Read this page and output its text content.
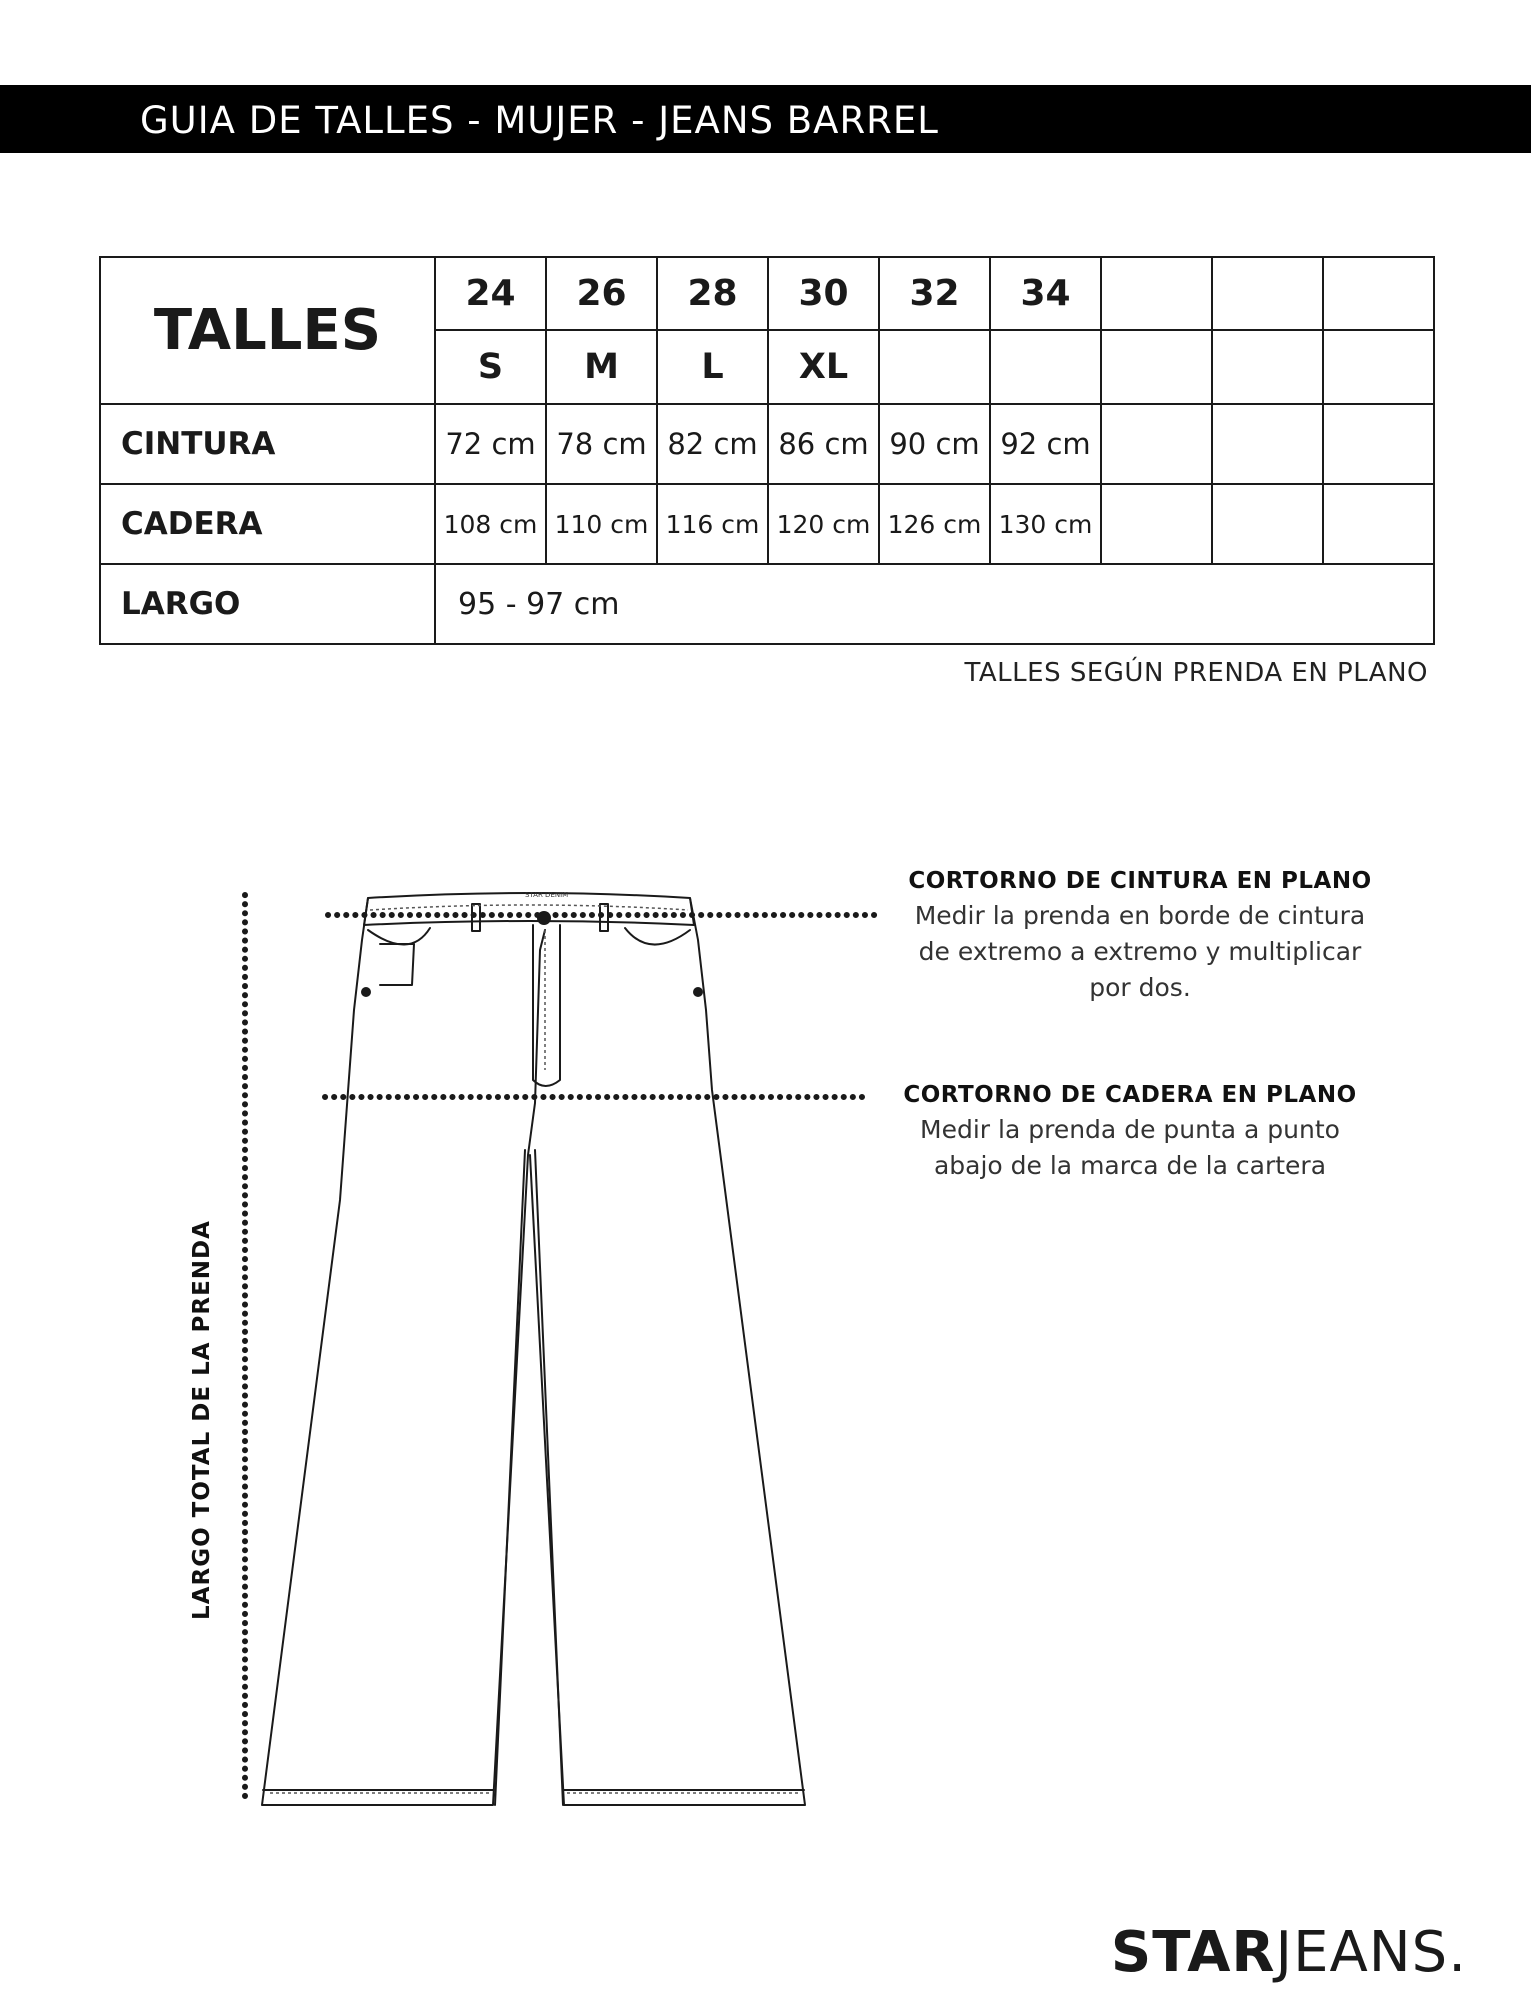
GUIA DE TALLES - MUJER - JEANS BARREL
TALLES	24	26	28	30	32	34			
	S	M	L	XL					
CINTURA	72 cm	78 cm	82 cm	86 cm	90 cm	92 cm			
CADERA	108 cm	110 cm	116 cm	120 cm	126 cm	130 cm			
LARGO	95 - 97 cm								
TALLES SEGÚN PRENDA EN PLANO
STAR DENIM
CORTORNO DE CINTURA EN PLANO
Medir la prenda en borde de cintura
de extremo a extremo y multiplicar
por dos.
CORTORNO DE CADERA EN PLANO
Medir la prenda de punta a punto
abajo de la marca de la cartera
LARGO TOTAL DE LA PRENDA
STARJEANS.
